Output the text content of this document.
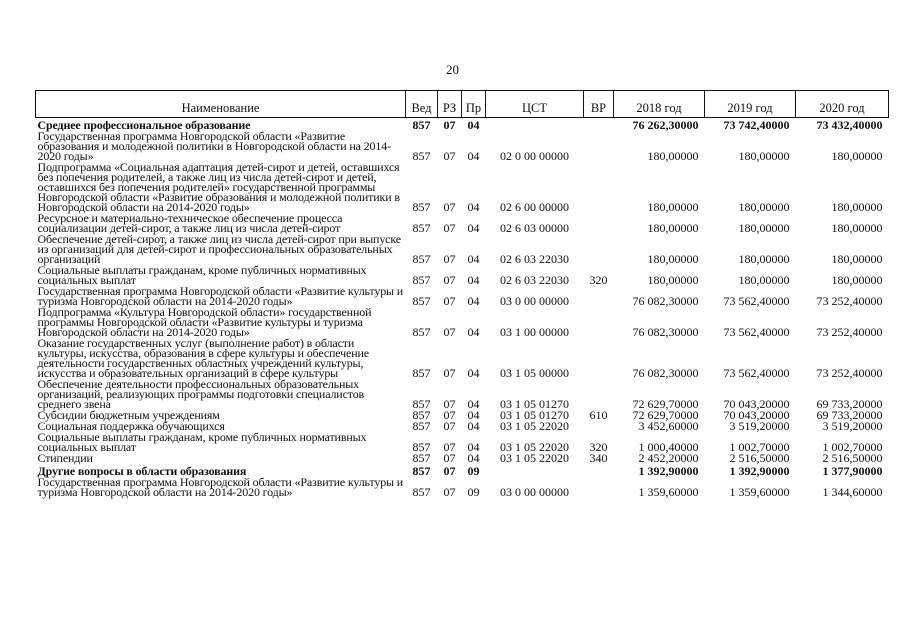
20
Наименование	Вед	РЗ	Пр	ЦСТ	ВР	2018 год	2019 год	2020 год
Среднее профессиональное образование	857	07	04			76 262,30000	73 742,40000	73 432,40000
Государственная программа Новгородской области «Развитие образования и молодежной политики в Новгородской области на 2014-2020 годы»	857	07	04	02 0 00 00000		180,00000	180,00000	180,00000
Подпрограмма «Социальная адаптация детей-сирот и детей, оставшихся без попечения родителей, а также лиц из числа детей-сирот и детей, оставшихся без попечения родителей» государственной программы Новгородской области «Развитие образования и молодежной политики в Новгородской области на 2014-2020 годы»	857	07	04	02 6 00 00000		180,00000	180,00000	180,00000
Ресурсное и материально-техническое обеспечение процесса социализации детей-сирот, а также лиц из числа детей-сирот	857	07	04	02 6 03 00000		180,00000	180,00000	180,00000
Обеспечение детей-сирот, а также лиц из числа детей-сирот при выпуске из организаций для детей-сирот и профессиональных образовательных организаций	857	07	04	02 6 03 22030		180,00000	180,00000	180,00000
Социальные выплаты гражданам, кроме публичных нормативных социальных выплат	857	07	04	02 6 03 22030	320	180,00000	180,00000	180,00000
Государственная программа Новгородской области «Развитие культуры и туризма Новгородской области на 2014-2020 годы»	857	07	04	03 0 00 00000		76 082,30000	73 562,40000	73 252,40000
Подпрограмма «Культура Новгородской области» государственной программы Новгородской области «Развитие культуры и туризма Новгородской области на 2014-2020 годы»	857	07	04	03 1 00 00000		76 082,30000	73 562,40000	73 252,40000
Оказание государственных услуг (выполнение работ) в области культуры, искусства, образования в сфере культуры и обеспечение деятельности государственных областных учреждений культуры, искусства и образовательных организаций в сфере культуры	857	07	04	03 1 05 00000		76 082,30000	73 562,40000	73 252,40000
Обеспечение деятельности профессиональных образовательных организаций, реализующих программы подготовки специалистов среднего звена	857	07	04	03 1 05 01270		72 629,70000	70 043,20000	69 733,20000
Субсидии бюджетным учреждениям	857	07	04	03 1 05 01270	610	72 629,70000	70 043,20000	69 733,20000
Социальная поддержка обучающихся	857	07	04	03 1 05 22020		3 452,60000	3 519,20000	3 519,20000
Социальные выплаты гражданам, кроме публичных нормативных социальных выплат	857	07	04	03 1 05 22020	320	1 000,40000	1 002,70000	1 002,70000
Стипендии	857	07	04	03 1 05 22020	340	2 452,20000	2 516,50000	2 516,50000
Другие вопросы в области образования	857	07	09			1 392,90000	1 392,90000	1 377,90000
Государственная программа Новгородской области «Развитие культуры и туризма Новгородской области на 2014-2020 годы»	857	07	09	03 0 00 00000		1 359,60000	1 359,60000	1 344,60000
